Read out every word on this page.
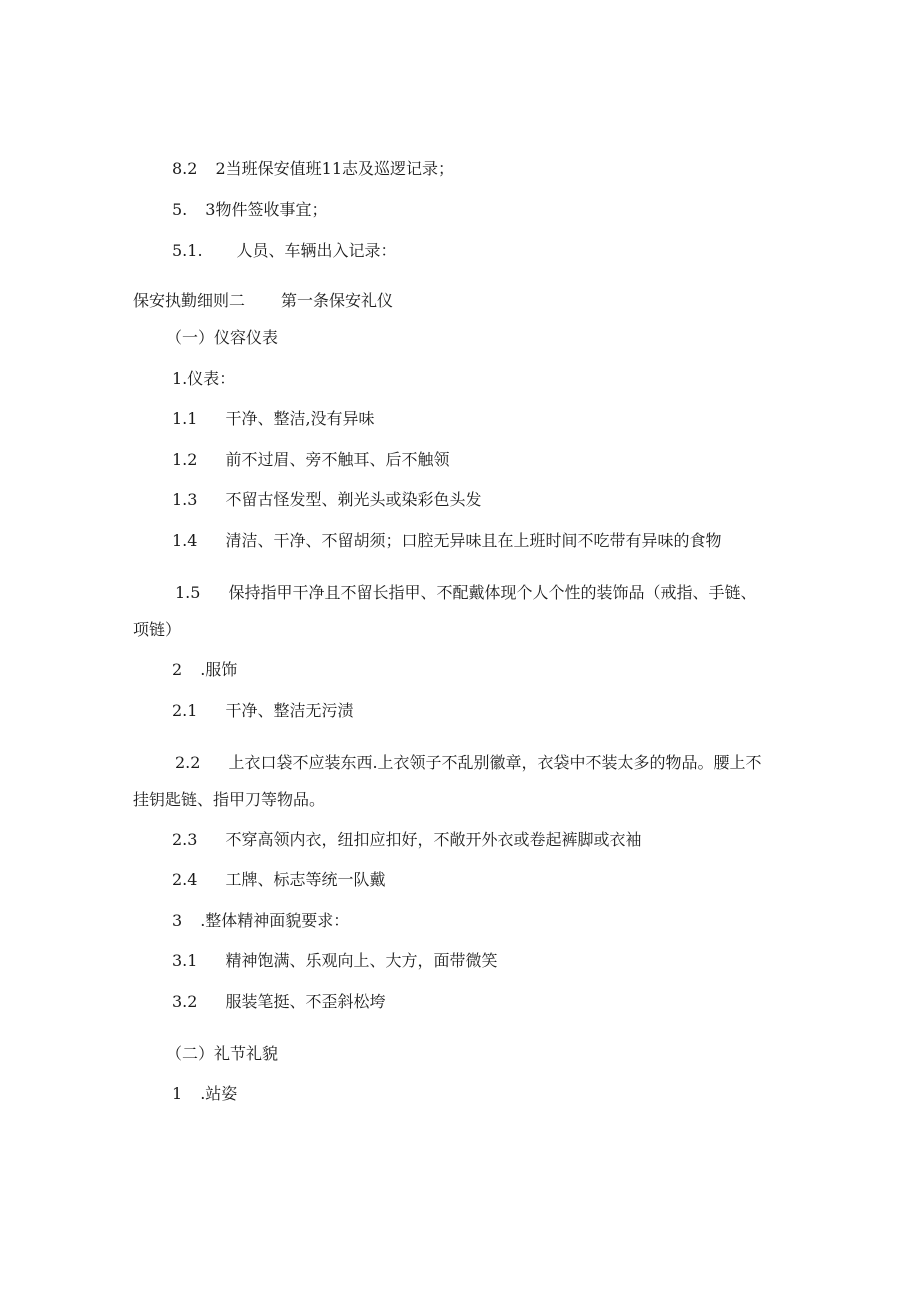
8.2 2当班保安值班11志及巡逻记录；

5. 3物件签收事宜；

5.1. 人员、车辆出入记录：

保安执勤细则二 第一条保安礼仪

（一）仪容仪表

1.仪表：

1.1 干净、整洁,没有异味

1.2 前不过眉、旁不触耳、后不触领

1.3 不留古怪发型、剃光头或染彩色头发

1.4 清洁、干净、不留胡须；口腔无异味且在上班时间不吃带有异味的食物

1.5 保持指甲干净且不留长指甲、不配戴体现个人个性的装饰品（戒指、手链、

项链）

2 .服饰

2.1 干净、整洁无污渍

2.2 上衣口袋不应装东西.上衣领子不乱别徽章，衣袋中不装太多的物品。腰上不

挂钥匙链、指甲刀等物品。

2.3 不穿高领内衣，纽扣应扣好，不敞开外衣或卷起裤脚或衣袖

2.4 工牌、标志等统一队戴

3 .整体精神面貌要求：

3.1 精神饱满、乐观向上、大方，面带微笑

3.2 服装笔挺、不歪斜松垮

（二）礼节礼貌

1 .站姿
